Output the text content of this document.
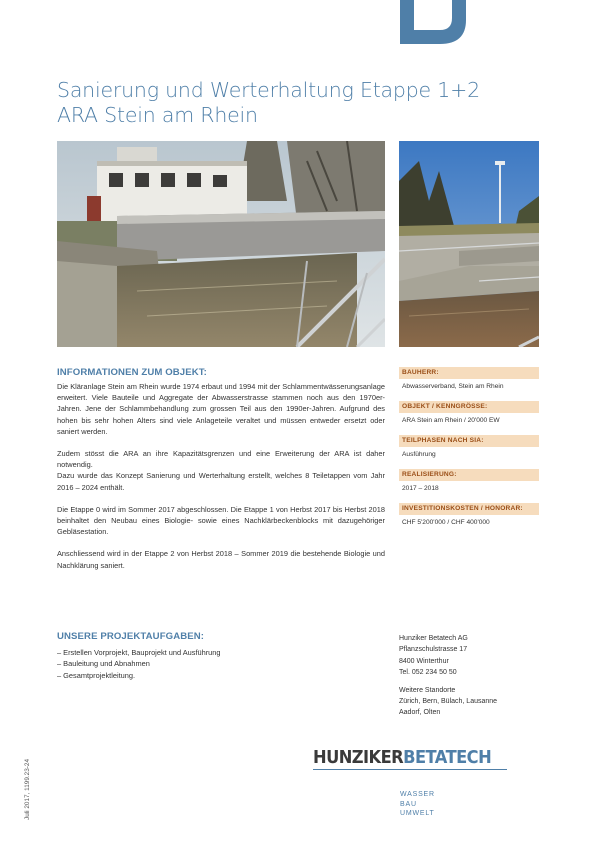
Sanierung und Werterhaltung Etappe 1+2
ARA Stein am Rhein
INFORMATIONEN ZUM OBJEKT:

Die Kläranlage Stein am Rhein wurde 1974 erbaut und 1994 mit der Schlammentwässerungsanlage erweitert. Viele Bauteile und Aggregate der Abwasserstrasse stammen noch aus den 1970er-Jahren. Jene der Schlammbehandlung zum grossen Teil aus den 1990er-Jahren. Aufgrund des hohen bis sehr hohen Alters sind viele Anlageteile veraltet und müssen entweder ersetzt oder saniert werden.

Zudem stösst die ARA an ihre Kapazitätsgrenzen und eine Erweiterung der ARA ist daher notwendig.

Dazu wurde das Konzept Sanierung und Werterhaltung erstellt, welches 8 Teiletappen vom Jahr 2016 – 2024 enthält.

Die Etappe 0 wird im Sommer 2017 abgeschlossen. Die Etappe 1 von Herbst 2017 bis Herbst 2018 beinhaltet den Neubau eines Biologie- sowie eines Nachklärbeckenblocks mit dazugehöriger Gebläsestation.

Anschliessend wird in der Etappe 2 von Herbst 2018 – Sommer 2019 die bestehende Biologie und Nachklärung saniert.

UNSERE PROJEKTAUFGABEN:
– Erstellen Vorprojekt, Bauprojekt und Ausführung
– Bauleitung und Abnahmen
– Gesamtprojektleitung.
BAUHERR:
Abwasserverband, Stein am Rhein
OBJEKT / KENNGRÖSSE:
ARA Stein am Rhein / 20'000 EW
TEILPHASEN NACH SIA:
Ausführung
REALISIERUNG:
2017 – 2018
INVESTITIONSKOSTEN / HONORAR:
CHF 5'200'000 / CHF 400'000
Hunziker Betatech AG
Pflanzschulstrasse 17
8400 Winterthur
Tel. 052 234 50 50
Weitere Standorte
Zürich, Bern, Bülach, Lausanne
Aadorf, Olten
HUNZIKERBETATECH
WASSER
BAU
UMWELT
Juli 2017, 1199.23-24
